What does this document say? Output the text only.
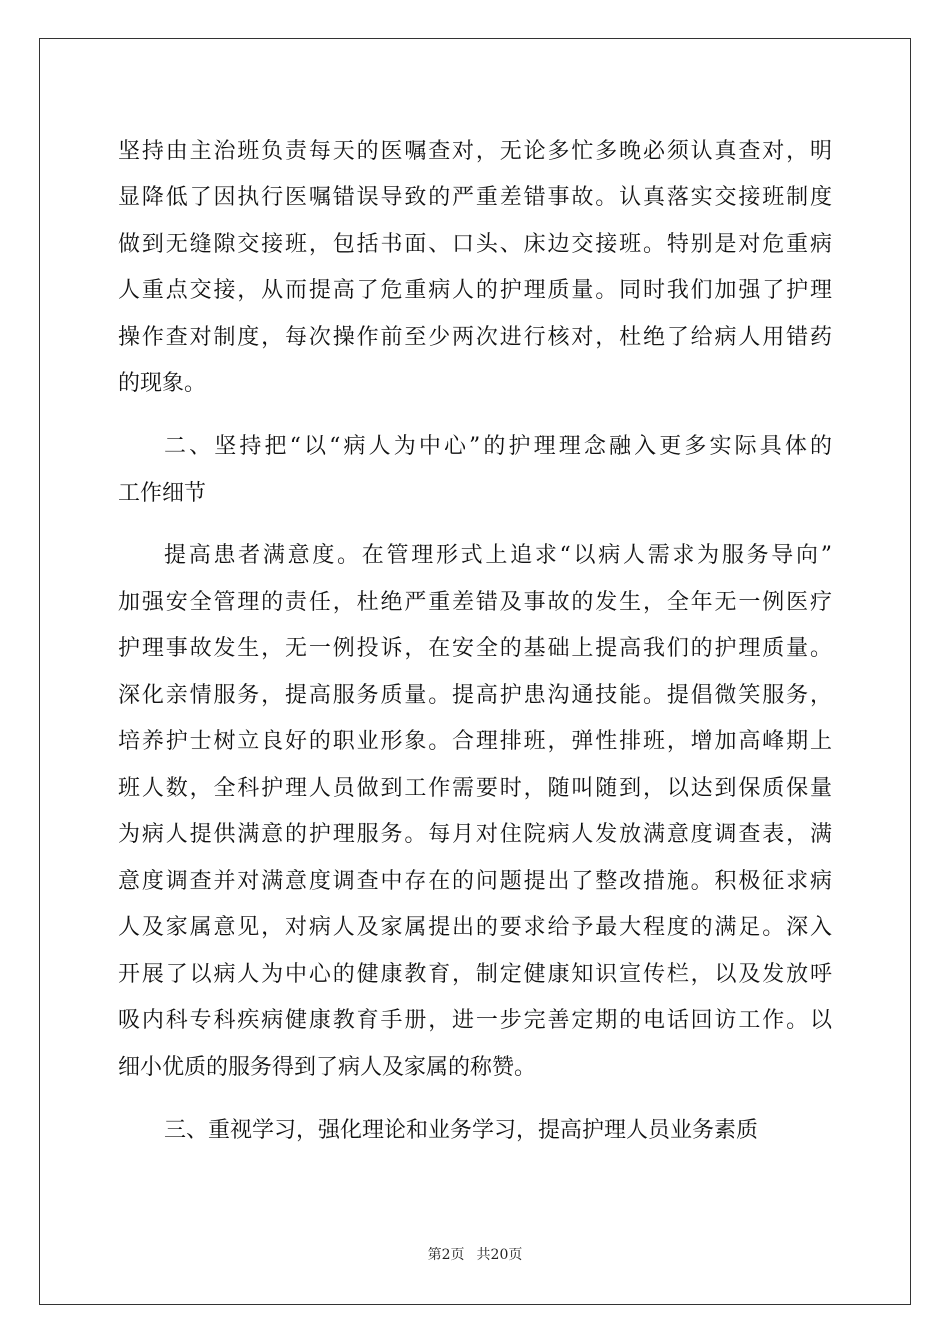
坚持由主治班负责每天的医嘱查对，无论多忙多晚必须认真查对，明
显降低了因执行医嘱错误导致的严重差错事故。认真落实交接班制度
做到无缝隙交接班，包括书面、口头、床边交接班。特别是对危重病
人重点交接，从而提高了危重病人的护理质量。同时我们加强了护理
操作查对制度，每次操作前至少两次进行核对，杜绝了给病人用错药
的现象。
二、坚持把“以“病人为中心”的护理理念融入更多实际具体的
工作细节
提高患者满意度。在管理形式上追求“以病人需求为服务导向”
加强安全管理的责任，杜绝严重差错及事故的发生，全年无一例医疗
护理事故发生，无一例投诉，在安全的基础上提高我们的护理质量。
深化亲情服务，提高服务质量。提高护患沟通技能。提倡微笑服务，
培养护士树立良好的职业形象。合理排班，弹性排班，增加高峰期上
班人数，全科护理人员做到工作需要时，随叫随到，以达到保质保量
为病人提供满意的护理服务。每月对住院病人发放满意度调查表，满
意度调查并对满意度调查中存在的问题提出了整改措施。积极征求病
人及家属意见，对病人及家属提出的要求给予最大程度的满足。深入
开展了以病人为中心的健康教育，制定健康知识宣传栏，以及发放呼
吸内科专科疾病健康教育手册，进一步完善定期的电话回访工作。以
细小优质的服务得到了病人及家属的称赞。
三、重视学习，强化理论和业务学习，提高护理人员业务素质
第2页 共20页
